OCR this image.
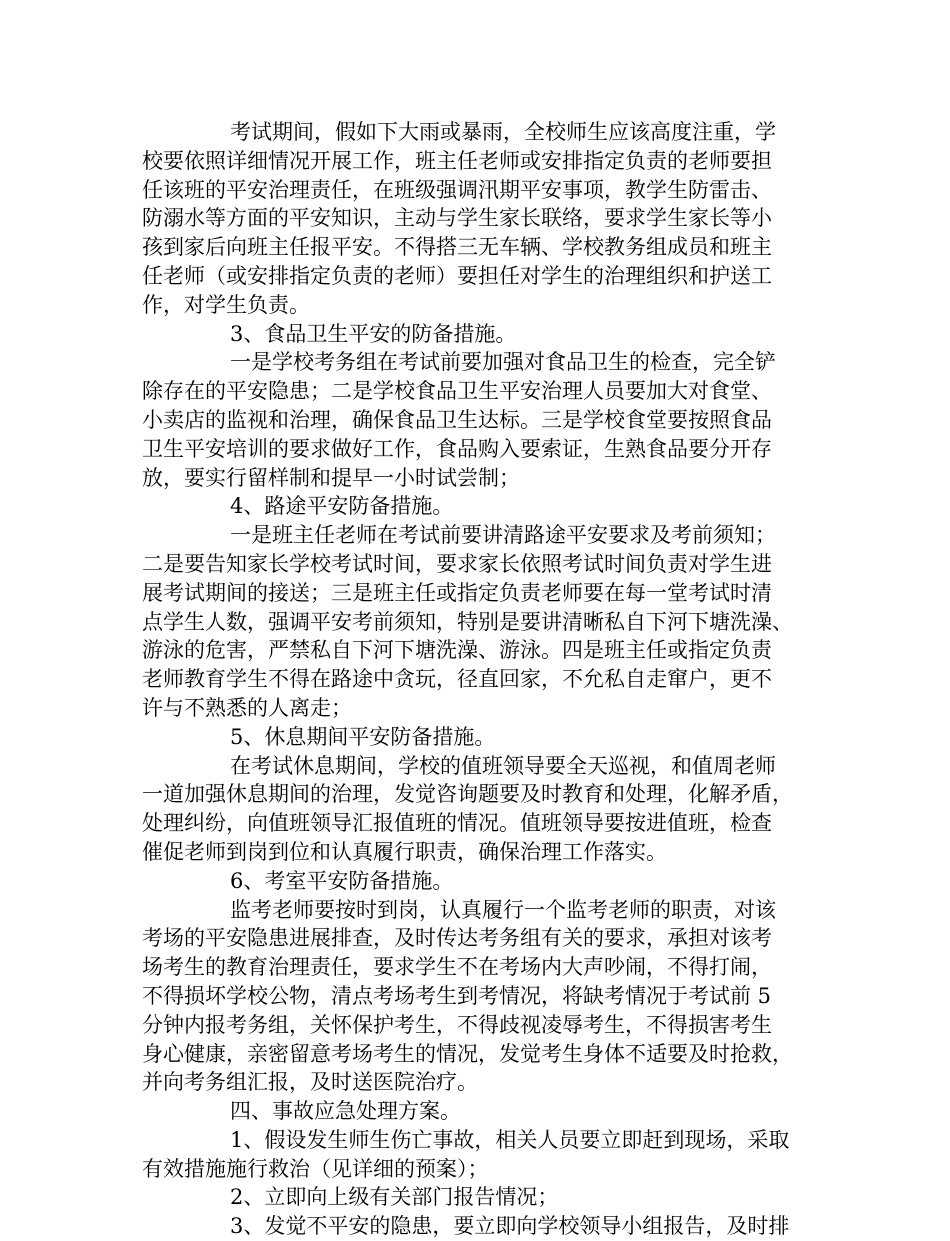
考试期间，假如下大雨或暴雨，全校师生应该高度注重，学
校要依照详细情况开展工作，班主任老师或安排指定负责的老师要担
任该班的平安治理责任，在班级强调汛期平安事项，教学生防雷击、
防溺水等方面的平安知识，主动与学生家长联络，要求学生家长等小
孩到家后向班主任报平安。不得搭三无车辆、学校教务组成员和班主
任老师（或安排指定负责的老师）要担任对学生的治理组织和护送工
作，对学生负责。
3、食品卫生平安的防备措施。
一是学校考务组在考试前要加强对食品卫生的检查，完全铲
除存在的平安隐患；二是学校食品卫生平安治理人员要加大对食堂、
小卖店的监视和治理，确保食品卫生达标。三是学校食堂要按照食品
卫生平安培训的要求做好工作，食品购入要索证，生熟食品要分开存
放，要实行留样制和提早一小时试尝制；
4、路途平安防备措施。
一是班主任老师在考试前要讲清路途平安要求及考前须知；
二是要告知家长学校考试时间，要求家长依照考试时间负责对学生进
展考试期间的接送；三是班主任或指定负责老师要在每一堂考试时清
点学生人数，强调平安考前须知，特别是要讲清晰私自下河下塘洗澡、
游泳的危害，严禁私自下河下塘洗澡、游泳。四是班主任或指定负责
老师教育学生不得在路途中贪玩，径直回家，不允私自走窜户，更不
许与不熟悉的人离走；
5、休息期间平安防备措施。
在考试休息期间，学校的值班领导要全天巡视，和值周老师
一道加强休息期间的治理，发觉咨询题要及时教育和处理，化解矛盾，
处理纠纷，向值班领导汇报值班的情况。值班领导要按进值班，检查
催促老师到岗到位和认真履行职责，确保治理工作落实。
6、考室平安防备措施。
监考老师要按时到岗，认真履行一个监考老师的职责，对该
考场的平安隐患进展排查，及时传达考务组有关的要求，承担对该考
场考生的教育治理责任，要求学生不在考场内大声吵闹，不得打闹，
不得损坏学校公物，清点考场考生到考情况，将缺考情况于考试前 5
分钟内报考务组，关怀保护考生，不得歧视凌辱考生，不得损害考生
身心健康，亲密留意考场考生的情况，发觉考生身体不适要及时抢救，
并向考务组汇报，及时送医院治疗。
四、事故应急处理方案。
1、假设发生师生伤亡事故，相关人员要立即赶到现场，采取
有效措施施行救治（见详细的预案）；
2、立即向上级有关部门报告情况；
3、发觉不平安的隐患，要立即向学校领导小组报告，及时排
